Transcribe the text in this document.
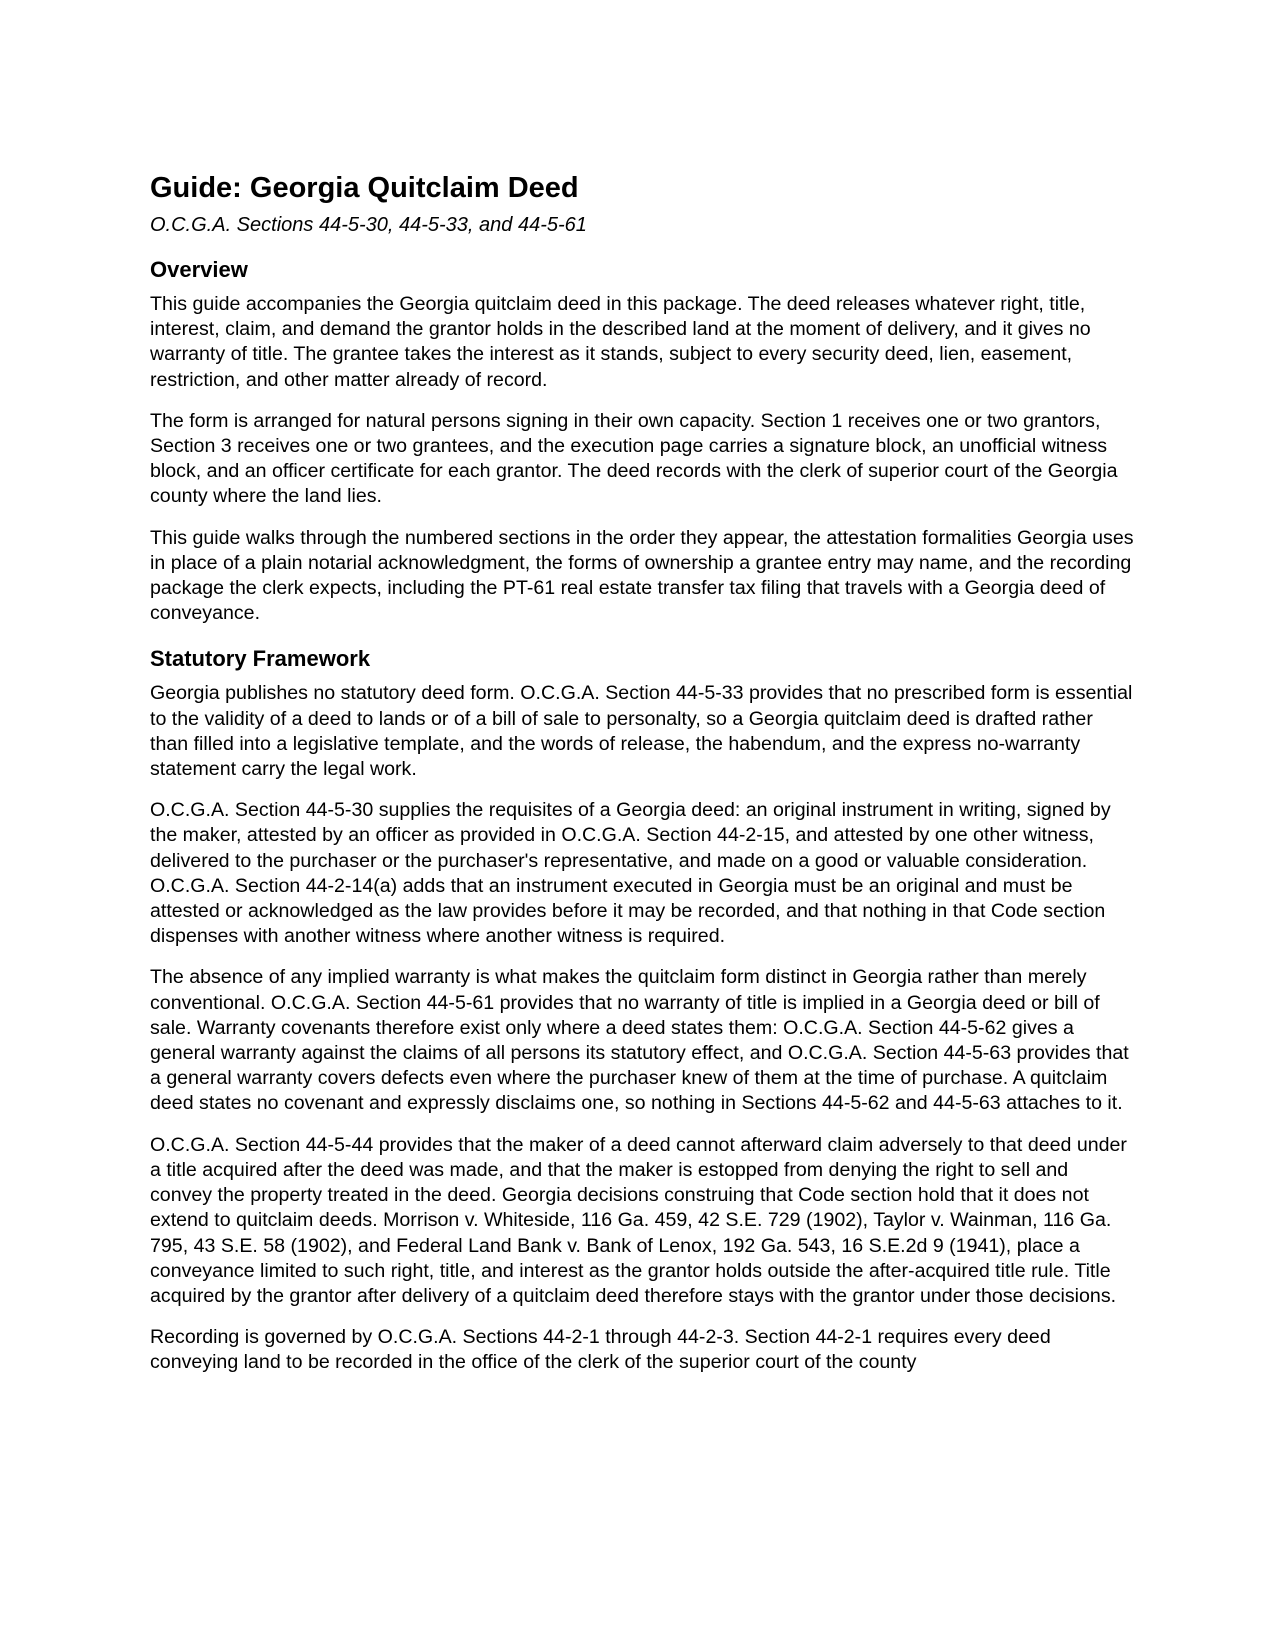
Guide: Georgia Quitclaim Deed

O.C.G.A. Sections 44-5-30, 44-5-33, and 44-5-61

Overview

This guide accompanies the Georgia quitclaim deed in this package. The deed releases whatever right, title, interest, claim, and demand the grantor holds in the described land at the moment of delivery, and it gives no warranty of title. The grantee takes the interest as it stands, subject to every security deed, lien, easement, restriction, and other matter already of record.

The form is arranged for natural persons signing in their own capacity. Section 1 receives one or two grantors, Section 3 receives one or two grantees, and the execution page carries a signature block, an unofficial witness block, and an officer certificate for each grantor. The deed records with the clerk of superior court of the Georgia county where the land lies.

This guide walks through the numbered sections in the order they appear, the attestation formalities Georgia uses in place of a plain notarial acknowledgment, the forms of ownership a grantee entry may name, and the recording package the clerk expects, including the PT-61 real estate transfer tax filing that travels with a Georgia deed of conveyance.

Statutory Framework

Georgia publishes no statutory deed form. O.C.G.A. Section 44-5-33 provides that no prescribed form is essential to the validity of a deed to lands or of a bill of sale to personalty, so a Georgia quitclaim deed is drafted rather than filled into a legislative template, and the words of release, the habendum, and the express no-warranty statement carry the legal work.

O.C.G.A. Section 44-5-30 supplies the requisites of a Georgia deed: an original instrument in writing, signed by the maker, attested by an officer as provided in O.C.G.A. Section 44-2-15, and attested by one other witness, delivered to the purchaser or the purchaser's representative, and made on a good or valuable consideration. O.C.G.A. Section 44-2-14(a) adds that an instrument executed in Georgia must be an original and must be attested or acknowledged as the law provides before it may be recorded, and that nothing in that Code section dispenses with another witness where another witness is required.

The absence of any implied warranty is what makes the quitclaim form distinct in Georgia rather than merely conventional. O.C.G.A. Section 44-5-61 provides that no warranty of title is implied in a Georgia deed or bill of sale. Warranty covenants therefore exist only where a deed states them: O.C.G.A. Section 44-5-62 gives a general warranty against the claims of all persons its statutory effect, and O.C.G.A. Section 44-5-63 provides that a general warranty covers defects even where the purchaser knew of them at the time of purchase. A quitclaim deed states no covenant and expressly disclaims one, so nothing in Sections 44-5-62 and 44-5-63 attaches to it.

O.C.G.A. Section 44-5-44 provides that the maker of a deed cannot afterward claim adversely to that deed under a title acquired after the deed was made, and that the maker is estopped from denying the right to sell and convey the property treated in the deed. Georgia decisions construing that Code section hold that it does not extend to quitclaim deeds. Morrison v. Whiteside, 116 Ga. 459, 42 S.E. 729 (1902), Taylor v. Wainman, 116 Ga. 795, 43 S.E. 58 (1902), and Federal Land Bank v. Bank of Lenox, 192 Ga. 543, 16 S.E.2d 9 (1941), place a conveyance limited to such right, title, and interest as the grantor holds outside the after-acquired title rule. Title acquired by the grantor after delivery of a quitclaim deed therefore stays with the grantor under those decisions.

Recording is governed by O.C.G.A. Sections 44-2-1 through 44-2-3. Section 44-2-1 requires every deed conveying land to be recorded in the office of the clerk of the superior court of the county
